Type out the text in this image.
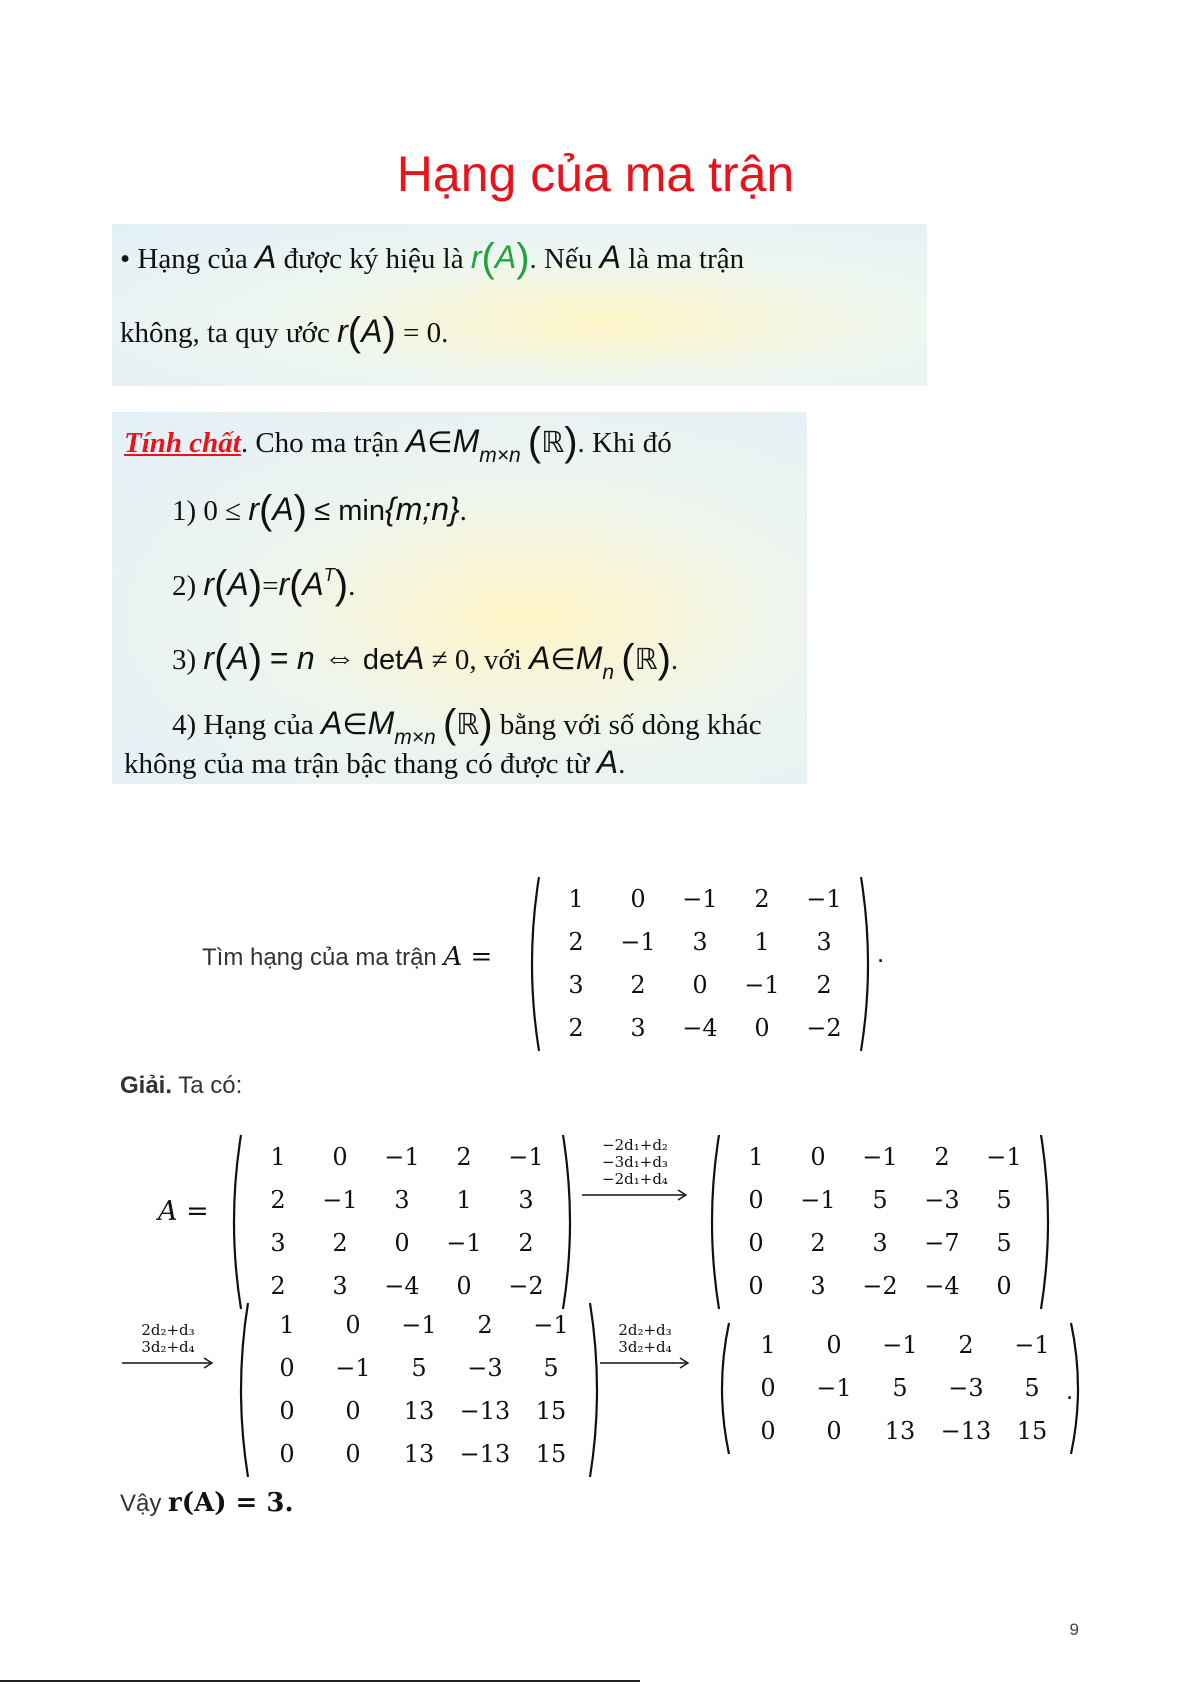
Hạng của ma trận
• Hạng của A được ký hiệu là r(A). Nếu A là ma trận
không, ta quy ước r(A) = 0.
Tính chất. Cho ma trận $A\in M_{m\times n}$ (ℝ). Khi đó
1) 0 ≤ r(A) ≤ min{m;n}.
2) $r(A)=r(A^T)$.
3) r(A) = n ⇔ detA ≠ 0, với $A\in M_n$ (ℝ).
4) Hạng của $A\in M_{m\times n}$ (ℝ) bằng với số dòng khác
không của ma trận bậc thang có được từ A.
Tìm hạng của ma trận A =
1	0	−1	2	−1
2	−1	3	1	3
3	2	0	−1	2
2	3	−4	0	−2
.
Giải. Ta có:
A =
1	0	−1	2	−1
2	−1	3	1	3
3	2	0	−1	2
2	3	−4	0	−2
1	0	−1	2	−1
0	−1	5	−3	5
0	2	3	−7	5
0	3	−2	−4	0
1	0	−1	2	−1
0	−1	5	−3	5
0	0	13	−13	15
0	0	13	−13	15
1	0	−1	2	−1
0	−1	5	−3	5
0	0	13	−13	15
−2d₁+d₂
−3d₁+d₃
−2d₁+d₄
2d₂+d₃
3d₂+d₄
2d₂+d₃
3d₂+d₄
.
Vậy r(A) = 3.
9
